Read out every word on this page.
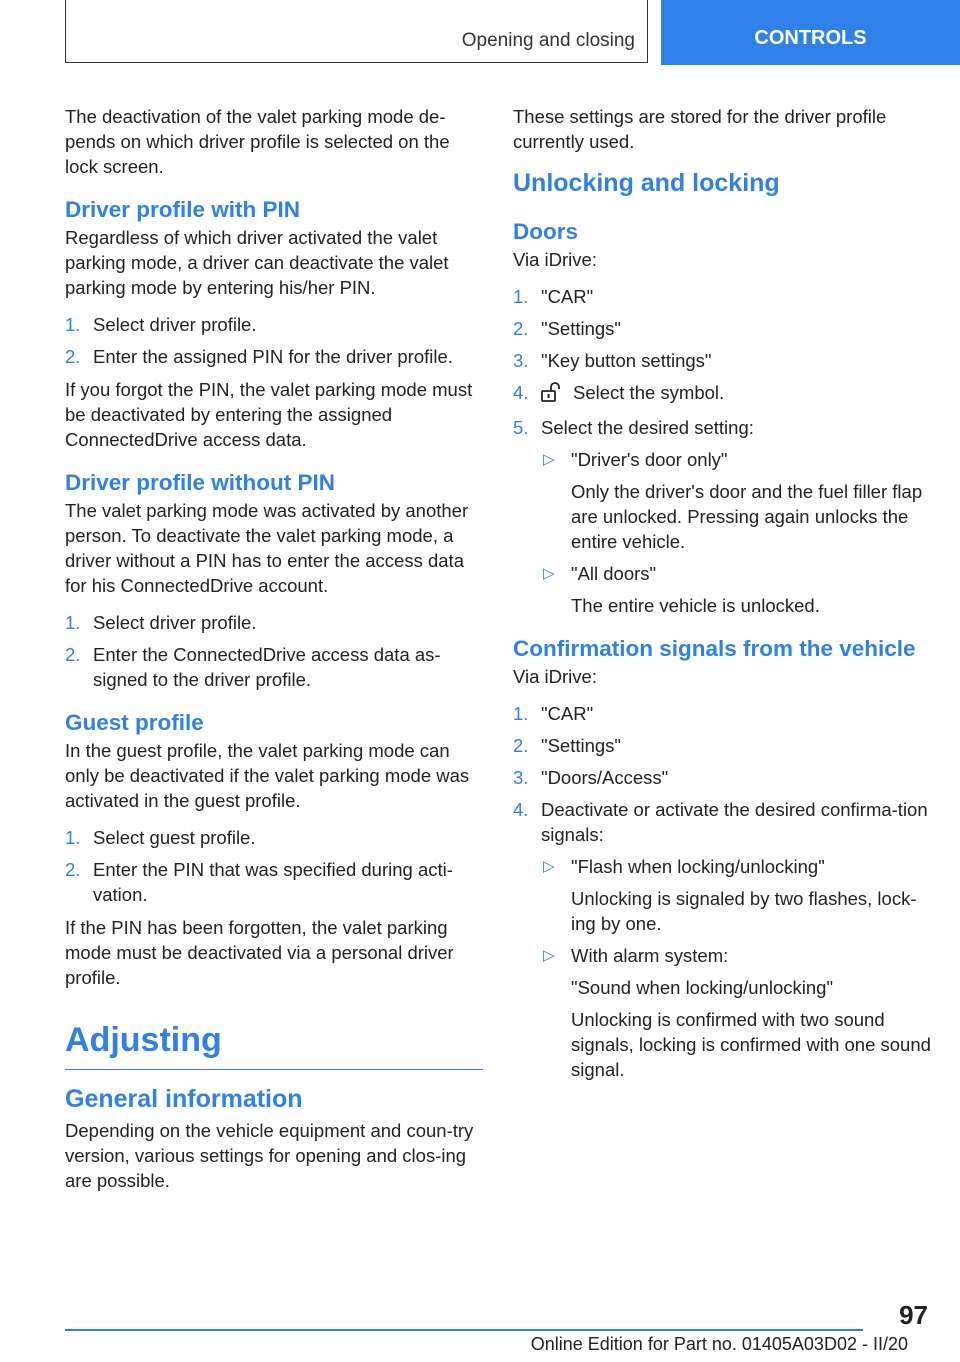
Opening and closing	CONTROLS

The deactivation of the valet parking mode de-pends on which driver profile is selected on the lock screen.

Driver profile with PIN

Regardless of which driver activated the valet parking mode, a driver can deactivate the valet parking mode by entering his/her PIN.

1. Select driver profile.
2. Enter the assigned PIN for the driver profile.

If you forgot the PIN, the valet parking mode must be deactivated by entering the assigned ConnectedDrive access data.

Driver profile without PIN

The valet parking mode was activated by another person. To deactivate the valet parking mode, a driver without a PIN has to enter the access data for his ConnectedDrive account.

1. Select driver profile.
2. Enter the ConnectedDrive access data as-signed to the driver profile.
Guest profile

In the guest profile, the valet parking mode can only be deactivated if the valet parking mode was activated in the guest profile.

1. Select guest profile.
2. Enter the PIN that was specified during acti-vation.

If the PIN has been forgotten, the valet parking mode must be deactivated via a personal driver profile.

Adjusting
General information

Depending on the vehicle equipment and coun-try version, various settings for opening and clos-ing are possible.

These settings are stored for the driver profile currently used.

Unlocking and locking
Doors

Via iDrive:

1. "CAR"
2. "Settings"
3. "Key button settings"
4. Select the symbol.
5. Select the desired setting:
▷ "Driver's door only"
Only the driver's door and the fuel filler flap are unlocked. Pressing again unlocks the entire vehicle.
▷ "All doors"
The entire vehicle is unlocked.
Confirmation signals from the vehicle

Via iDrive:

1. "CAR"
2. "Settings"
3. "Doors/Access"
4. Deactivate or activate the desired confirma-tion signals:
▷ "Flash when locking/unlocking"
Unlocking is signaled by two flashes, lock-ing by one.
▷ With alarm system:
"Sound when locking/unlocking"
Unlocking is confirmed with two sound signals, locking is confirmed with one sound signal.
97
Online Edition for Part no. 01405A03D02 - II/20
